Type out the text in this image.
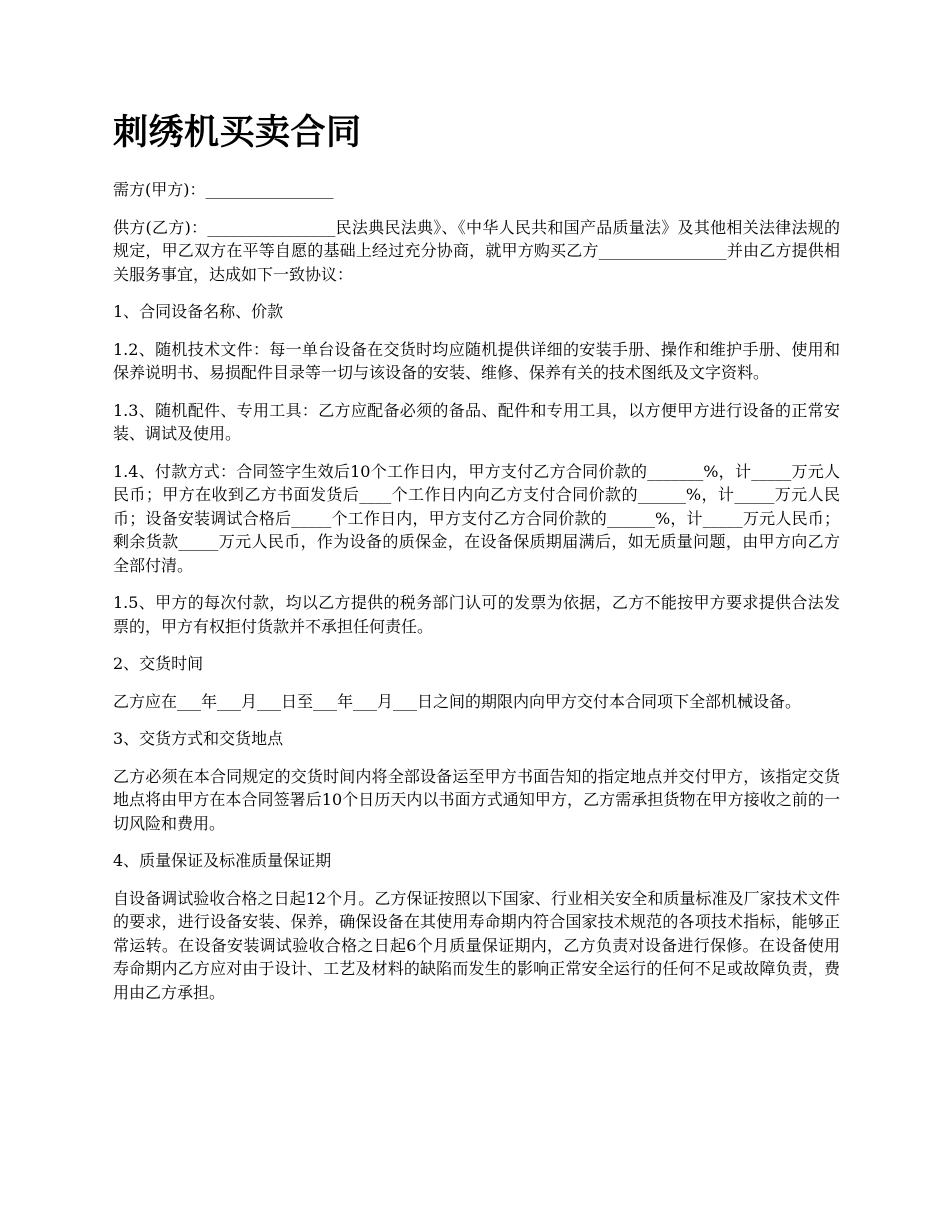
刺绣机买卖合同

需方(甲方)：________________

供方(乙方)：________________民法典民法典》、《中华人民共和国产品质量法》及其他相关法律法规的规定，甲乙双方在平等自愿的基础上经过充分协商，就甲方购买乙方________________并由乙方提供相关服务事宜，达成如下一致协议：

1、合同设备名称、价款

1.2、随机技术文件：每一单台设备在交货时均应随机提供详细的安装手册、操作和维护手册、使用和保养说明书、易损配件目录等一切与该设备的安装、维修、保养有关的技术图纸及文字资料。

1.3、随机配件、专用工具：乙方应配备必须的备品、配件和专用工具，以方便甲方进行设备的正常安装、调试及使用。

1.4、付款方式：合同签字生效后10个工作日内，甲方支付乙方合同价款的_______%，计_____万元人民币；甲方在收到乙方书面发货后____个工作日内向乙方支付合同价款的______%，计_____万元人民币；设备安装调试合格后_____个工作日内，甲方支付乙方合同价款的______%，计_____万元人民币；剩余货款_____万元人民币，作为设备的质保金，在设备保质期届满后，如无质量问题，由甲方向乙方全部付清。

1.5、甲方的每次付款，均以乙方提供的税务部门认可的发票为依据，乙方不能按甲方要求提供合法发票的，甲方有权拒付货款并不承担任何责任。

2、交货时间

乙方应在___年___月___日至___年___月___日之间的期限内向甲方交付本合同项下全部机械设备。

3、交货方式和交货地点

乙方必须在本合同规定的交货时间内将全部设备运至甲方书面告知的指定地点并交付甲方，该指定交货地点将由甲方在本合同签署后10个日历天内以书面方式通知甲方，乙方需承担货物在甲方接收之前的一切风险和费用。

4、质量保证及标准质量保证期

自设备调试验收合格之日起12个月。乙方保证按照以下国家、行业相关安全和质量标准及厂家技术文件的要求，进行设备安装、保养，确保设备在其使用寿命期内符合国家技术规范的各项技术指标，能够正常运转。在设备安装调试验收合格之日起6个月质量保证期内，乙方负责对设备进行保修。在设备使用寿命期内乙方应对由于设计、工艺及材料的缺陷而发生的影响正常安全运行的任何不足或故障负责，费用由乙方承担。
